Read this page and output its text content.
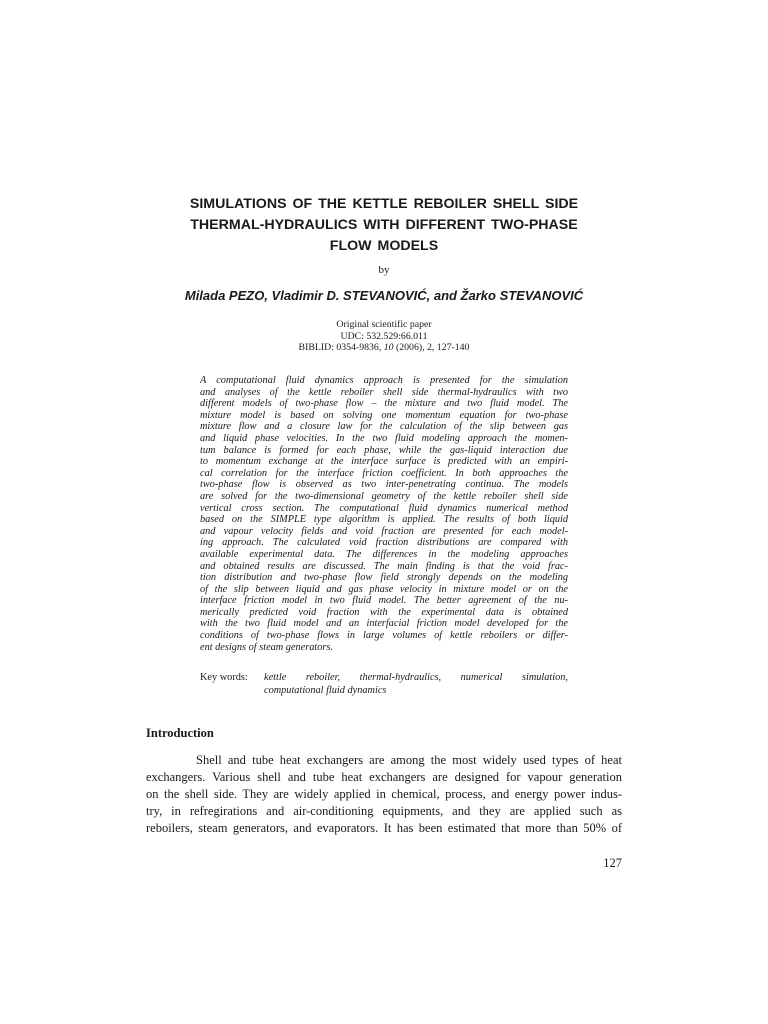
SIMULATIONS OF THE KETTLE REBOILER SHELL SIDE
THERMAL-HYDRAULICS WITH DIFFERENT TWO-PHASE
FLOW MODELS
by
Milada PEZO, Vladimir D. STEVANOVIĆ, and Žarko STEVANOVIĆ
Original scientific paper
UDC: 532.529:66.011
BIBLID: 0354-9836, 10 (2006), 2, 127-140
A computational fluid dynamics approach is presented for the simulation
and analyses of the kettle reboiler shell side thermal-hydraulics with two
different models of two-phase flow – the mixture and two fluid model. The
mixture model is based on solving one momentum equation for two-phase
mixture flow and a closure law for the calculation of the slip between gas
and liquid phase velocities. In the two fluid modeling approach the momen-
tum balance is formed for each phase, while the gas-liquid interaction due
to momentum exchange at the interface surface is predicted with an empiri-
cal correlation for the interface friction coefficient. In both approaches the
two-phase flow is observed as two inter-penetrating continua. The models
are solved for the two-dimensional geometry of the kettle reboiler shell side
vertical cross section. The computational fluid dynamics numerical method
based on the SIMPLE type algorithm is applied. The results of both liquid
and vapour velocity fields and void fraction are presented for each model-
ing approach. The calculated void fraction distributions are compared with
available experimental data. The differences in the modeling approaches
and obtained results are discussed. The main finding is that the void frac-
tion distribution and two-phase flow field strongly depends on the modeling
of the slip between liquid and gas phase velocity in mixture model or on the
interface friction model in two fluid model. The better agreement of the nu-
merically predicted void fraction with the experimental data is obtained
with the two fluid model and an interfacial friction model developed for the
conditions of two-phase flows in large volumes of kettle reboilers or differ-
ent designs of steam generators.
Key words:	kettle reboiler, thermal-hydraulics, numerical simulation,
computational fluid dynamics
Introduction
Shell and tube heat exchangers are among the most widely used types of heat
exchangers. Various shell and tube heat exchangers are designed for vapour generation
on the shell side. They are widely applied in chemical, process, and energy power indus-
try, in refregirations and air-conditioning equipments, and they are applied such as
reboilers, steam generators, and evaporators. It has been estimated that more than 50% of
127
